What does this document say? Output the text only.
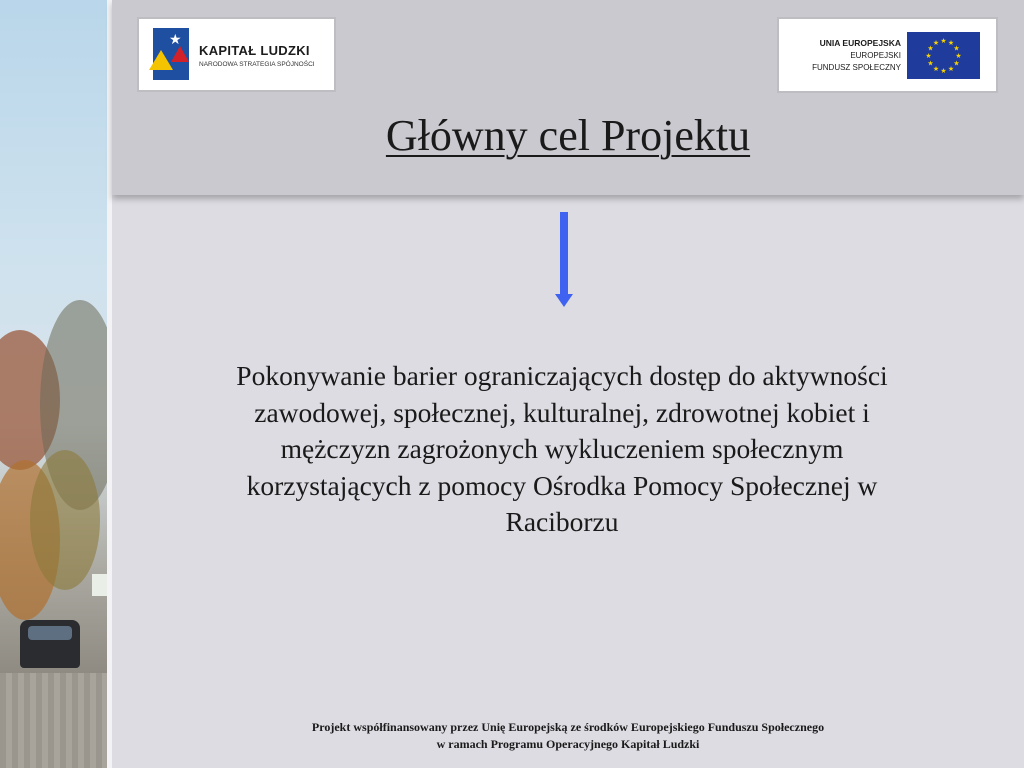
★
KAPITAŁ LUDZKI
NARODOWA STRATEGIA SPÓJNOŚCI
UNIA EUROPEJSKA
EUROPEJSKI
FUNDUSZ SPOŁECZNY
★ ★
★
★
★
★
★
★
★
★
★
★
Główny cel Projektu
Pokonywanie barier ograniczających dostęp do aktywności zawodowej, społecznej, kulturalnej, zdrowotnej kobiet i mężczyzn zagrożonych wykluczeniem społecznym korzystających z pomocy Ośrodka Pomocy Społecznej w Raciborzu
Projekt współfinansowany przez Unię Europejską ze środków Europejskiego Funduszu Społecznego
w ramach Programu Operacyjnego Kapitał Ludzki
